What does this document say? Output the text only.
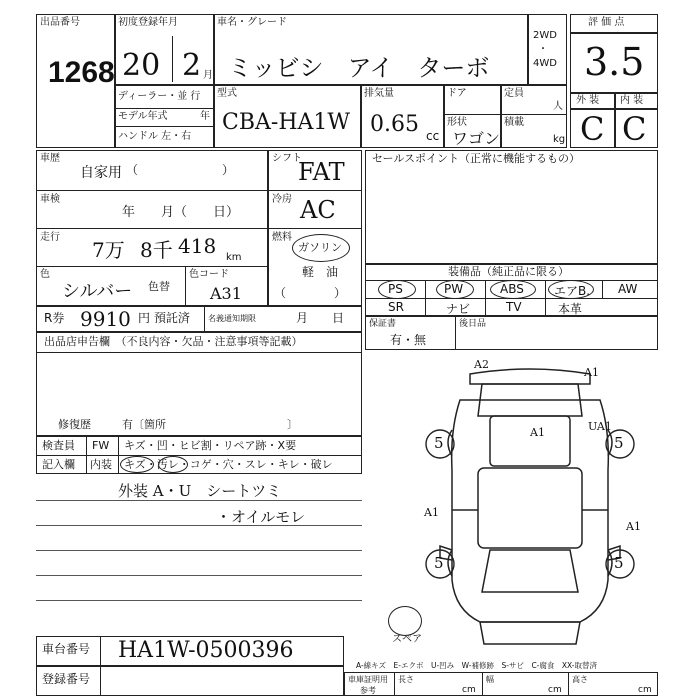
出品番号
1268
初度登録年月
20 2 月
車名・グレード
ミッビシ　アイ　ターボ
2WD
・
4WD
ディーラー・並 行
モデル年式	年
ハンドル 左・右
型式
CBA-HA1W
排気量
0.65 cc
ドア
形状
ワゴン
定員
人
積載
kg
評 価 点
3.5
外 装 内 装
C C
車歴
自家用 （　　　　　　　）
車検
年　　月（　　日）
走行
7万 8千 418 km
色
シルバー 色替
色コード
A31
R券 9910 円 預託済 名義通知期限	月　　日
シフト
FAT
冷房 AC
燃料
ガソリン
軽　油
（　　　　）
セールスポイント（正常に機能するもの）
装備品（純正品に限る）
PS	PW	ABS	エアB. AW
SR	ナビ	TV	本革
保証書
有・無
後日品
出品店申告欄　（不良内容・欠品・注意事項等記載）
修復歴	有〔箇所　　　　　　　　　　　〕
検査員
記入欄
FW キズ・凹・ヒビ割・リペア跡・X要
内装 キズ・汚レ・コゲ・穴・スレ・キレ・破レ
外装 A・U　シートツミ
・オイルモレ
スペア
5	5
5	5
A2
A1
A1	UA1
A1
A1
A-線キズ　E-エクボ　U-凹み　W-補修跡　S-サビ　C-腐食　XX-取替済
車台番号 HA1W-0500396
登録番号	車庫証明用
参考
長さ
cm
幅
cm
高さ
cm
